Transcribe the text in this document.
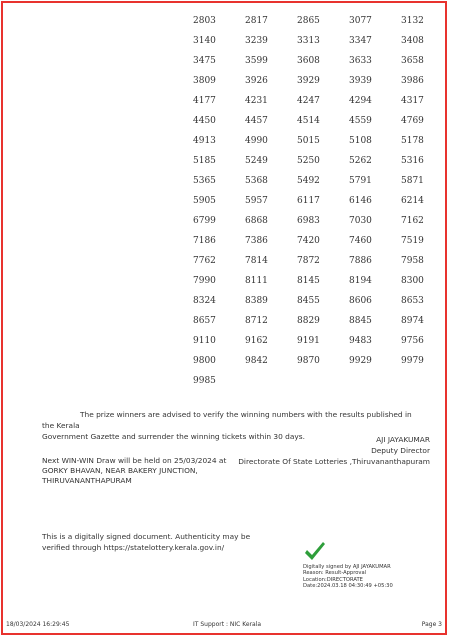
2803	2817	2865	3077	3132
3140	3239	3313	3347	3408
3475	3599	3608	3633	3658
3809	3926	3929	3939	3986
4177	4231	4247	4294	4317
4450	4457	4514	4559	4769
4913	4990	5015	5108	5178
5185	5249	5250	5262	5316
5365	5368	5492	5791	5871
5905	5957	6117	6146	6214
6799	6868	6983	7030	7162
7186	7386	7420	7460	7519
7762	7814	7872	7886	7958
7990	8111	8145	8194	8300
8324	8389	8455	8606	8653
8657	8712	8829	8845	8974
9110	9162	9191	9483	9756
9800	9842	9870	9929	9979
9985
The prize winners are advised to verify the winning numbers with the results published in the Kerala
Government Gazette and surrender the winning tickets within 30 days.	AJI JAYAKUMAR
Deputy Director
Directorate Of State Lotteries ,Thiruvananthapuram
Next WIN-WIN Draw will be held on 25/03/2024 at
GORKY BHAVAN, NEAR BAKERY JUNCTION,
THIRUVANANTHAPURAM
This is a digitally signed document. Authenticity may be
verified through https://statelottery.kerala.gov.in/
Digitally signed by AJI JAYAKUMAR
Reason: Result-Approval
Location:DIRECTORATE
Date:2024.03.18 04:30:49 +05:30
18/03/2024 16:29:45	IT Support : NIC Kerala	Page 3
